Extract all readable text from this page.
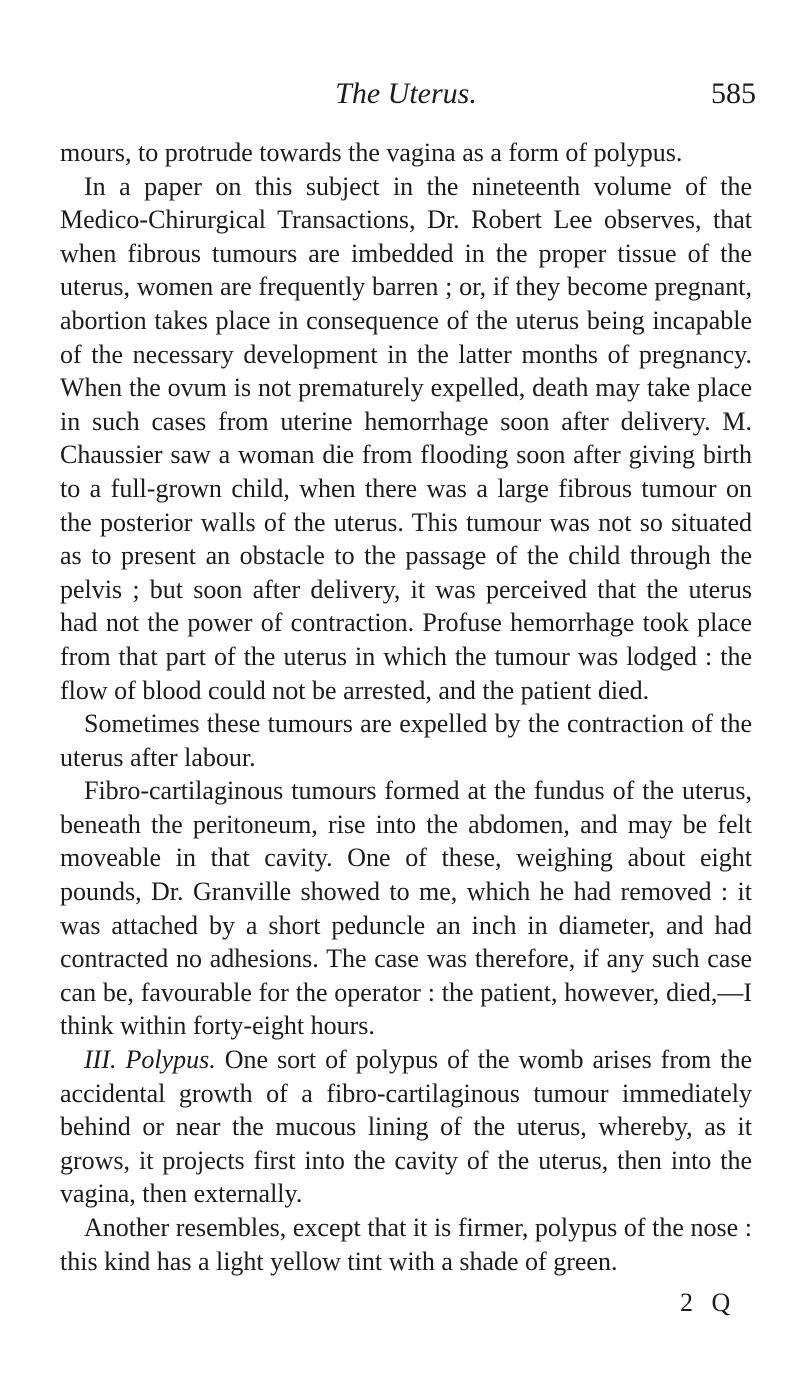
The Uterus.	585

mours, to protrude towards the vagina as a form of polypus.

In a paper on this subject in the nineteenth volume of the Medico-Chirurgical Transactions, Dr. Robert Lee observes, that when fibrous tumours are imbedded in the proper tissue of the uterus, women are frequently barren ; or, if they become pregnant, abortion takes place in consequence of the uterus being incapable of the necessary development in the latter months of pregnancy. When the ovum is not prematurely expelled, death may take place in such cases from uterine hemorrhage soon after delivery. M. Chaussier saw a woman die from flooding soon after giving birth to a full-grown child, when there was a large fibrous tumour on the posterior walls of the uterus. This tumour was not so situated as to present an obstacle to the passage of the child through the pelvis ; but soon after delivery, it was perceived that the uterus had not the power of contraction. Profuse hemorrhage took place from that part of the uterus in which the tumour was lodged : the flow of blood could not be arrested, and the patient died.

Sometimes these tumours are expelled by the contraction of the uterus after labour.

Fibro-cartilaginous tumours formed at the fundus of the uterus, beneath the peritoneum, rise into the abdomen, and may be felt moveable in that cavity. One of these, weighing about eight pounds, Dr. Granville showed to me, which he had removed : it was attached by a short peduncle an inch in diameter, and had contracted no adhesions. The case was therefore, if any such case can be, favourable for the operator : the patient, however, died,—I think within forty-eight hours.

III. Polypus. One sort of polypus of the womb arises from the accidental growth of a fibro-cartilaginous tumour immediately behind or near the mucous lining of the uterus, whereby, as it grows, it projects first into the cavity of the uterus, then into the vagina, then externally.

Another resembles, except that it is firmer, polypus of the nose : this kind has a light yellow tint with a shade of green.

2 Q
